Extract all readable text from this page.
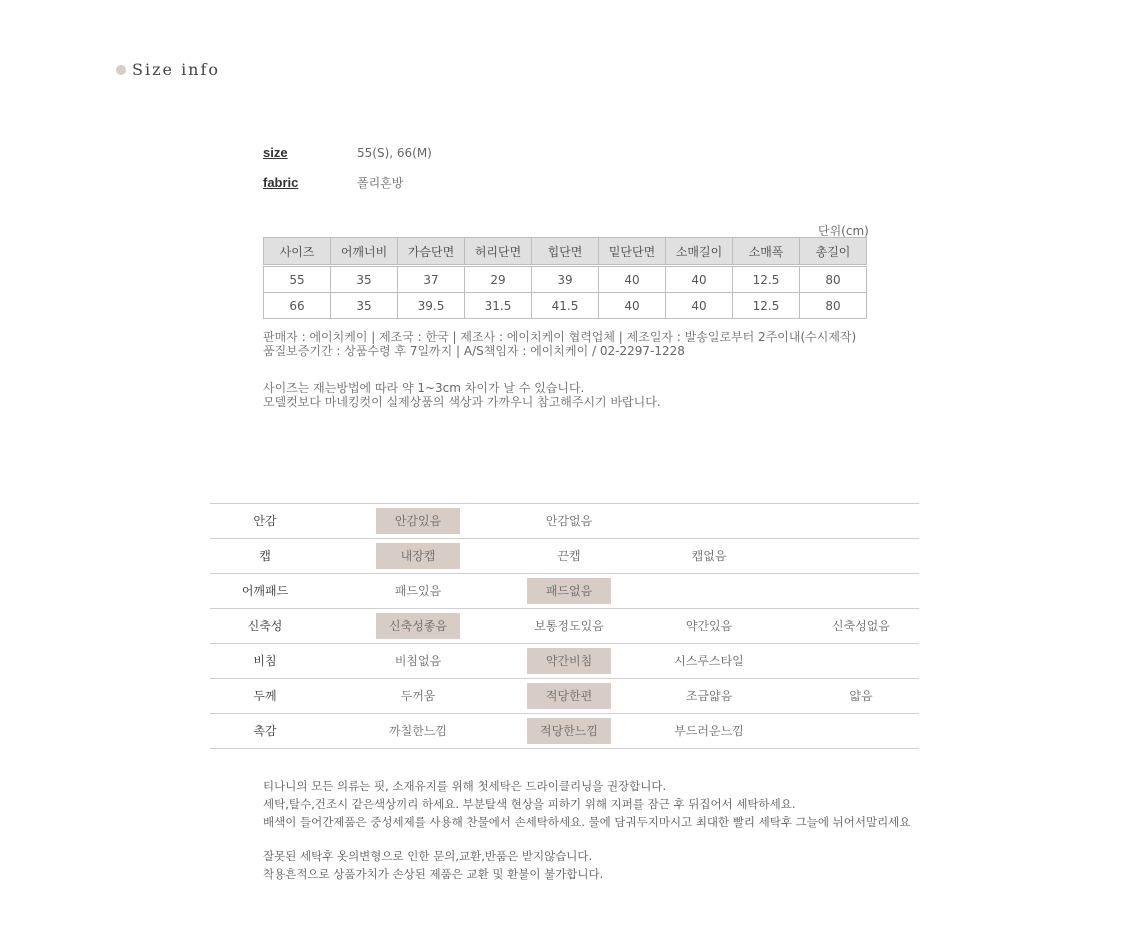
Size info
size	55(S), 66(M)
fabric	폴리혼방
단위(cm)
사이즈	어깨너비	가슴단면	허리단면	힙단면	밑단단면	소매길이	소매폭	총길이

55	35	37	29	39	40	40	12.5	80
66	35	39.5	31.5	41.5	40	40	12.5	80
판매자 : 에이치케이 | 제조국 : 한국 | 제조사 : 에이치케이 협력업체 | 제조일자 : 발송일로부터 2주이내(수시제작)
품질보증기간 : 상품수령 후 7일까지 | A/S책임자 : 에이치케이 / 02-2297-1228
사이즈는 재는방법에 따라 약 1~3cm 차이가 날 수 있습니다.
모델컷보다 마네킹컷이 실제상품의 색상과 가까우니 참고해주시기 바랍니다.
안감	안감있음	안감없음
캡	내장캡	끈캡	캡없음
어깨패드	패드있음	패드없음
신축성	신축성좋음	보통정도있음	약간있음	신축성없음
비침	비침없음	약간비침	시스루스타일
두께	두꺼움	적당한편	조금얇음	얇음
촉감	까칠한느낌	적당한느낌	부드러운느낌
티나니의 모든 의류는 핏, 소재유지를 위해 첫세탁은 드라이클리닝을 권장합니다.
세탁,탈수,건조시 같은색상끼리 하세요. 부분탈색 현상을 피하기 위해 지퍼를 잠근 후 뒤집어서 세탁하세요.
배색이 들어간제품은 중성세제를 사용해 찬물에서 손세탁하세요. 물에 담궈두지마시고 최대한 빨리 세탁후 그늘에 뉘어서말리세요
잘못된 세탁후 옷의변형으로 인한 문의,교환,반품은 받지않습니다.
착용흔적으로 상품가치가 손상된 제품은 교환 및 환불이 불가합니다.
